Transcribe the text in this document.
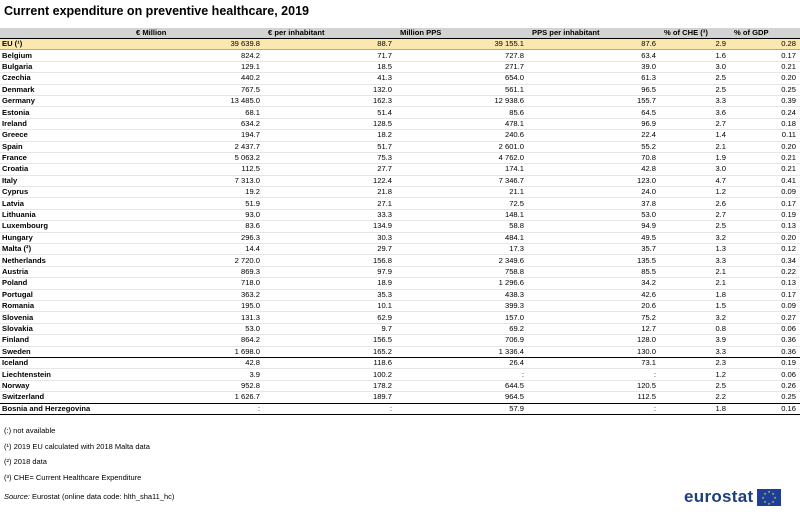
Current expenditure on preventive healthcare, 2019
	€ Million	€ per inhabitant	Million PPS	PPS per inhabitant	% of CHE (³)	% of GDP
EU (¹)	39 639.8	88.7	39 155.1	87.6	2.9	0.28
Belgium	824.2	71.7	727.8	63.4	1.6	0.17
Bulgaria	129.1	18.5	271.7	39.0	3.0	0.21
Czechia	440.2	41.3	654.0	61.3	2.5	0.20
Denmark	767.5	132.0	561.1	96.5	2.5	0.25
Germany	13 485.0	162.3	12 938.6	155.7	3.3	0.39
Estonia	68.1	51.4	85.6	64.5	3.6	0.24
Ireland	634.2	128.5	478.1	96.9	2.7	0.18
Greece	194.7	18.2	240.6	22.4	1.4	0.11
Spain	2 437.7	51.7	2 601.0	55.2	2.1	0.20
France	5 063.2	75.3	4 762.0	70.8	1.9	0.21
Croatia	112.5	27.7	174.1	42.8	3.0	0.21
Italy	7 313.0	122.4	7 346.7	123.0	4.7	0.41
Cyprus	19.2	21.8	21.1	24.0	1.2	0.09
Latvia	51.9	27.1	72.5	37.8	2.6	0.17
Lithuania	93.0	33.3	148.1	53.0	2.7	0.19
Luxembourg	83.6	134.9	58.8	94.9	2.5	0.13
Hungary	296.3	30.3	484.1	49.5	3.2	0.20
Malta (²)	14.4	29.7	17.3	35.7	1.3	0.12
Netherlands	2 720.0	156.8	2 349.6	135.5	3.3	0.34
Austria	869.3	97.9	758.8	85.5	2.1	0.22
Poland	718.0	18.9	1 296.6	34.2	2.1	0.13
Portugal	363.2	35.3	438.3	42.6	1.8	0.17
Romania	195.0	10.1	399.3	20.6	1.5	0.09
Slovenia	131.3	62.9	157.0	75.2	3.2	0.27
Slovakia	53.0	9.7	69.2	12.7	0.8	0.06
Finland	864.2	156.5	706.9	128.0	3.9	0.36
Sweden	1 698.0	165.2	1 336.4	130.0	3.3	0.36
Iceland	42.8	118.6	26.4	73.1	2.3	0.19
Liechtenstein	3.9	100.2	:	:	1.2	0.06
Norway	952.8	178.2	644.5	120.5	2.5	0.26
Switzerland	1 626.7	189.7	964.5	112.5	2.2	0.25
Bosnia and Herzegovina	:	:	57.9	:	1.8	0.16
(:) not available
(¹) 2019 EU calculated with 2018 Malta data
(²) 2018 data
(³) CHE= Current Healthcare Expenditure
Source: Eurostat (online data code: hlth_sha11_hc)	eurostat	★ ★
★
★
★
★
★
★
